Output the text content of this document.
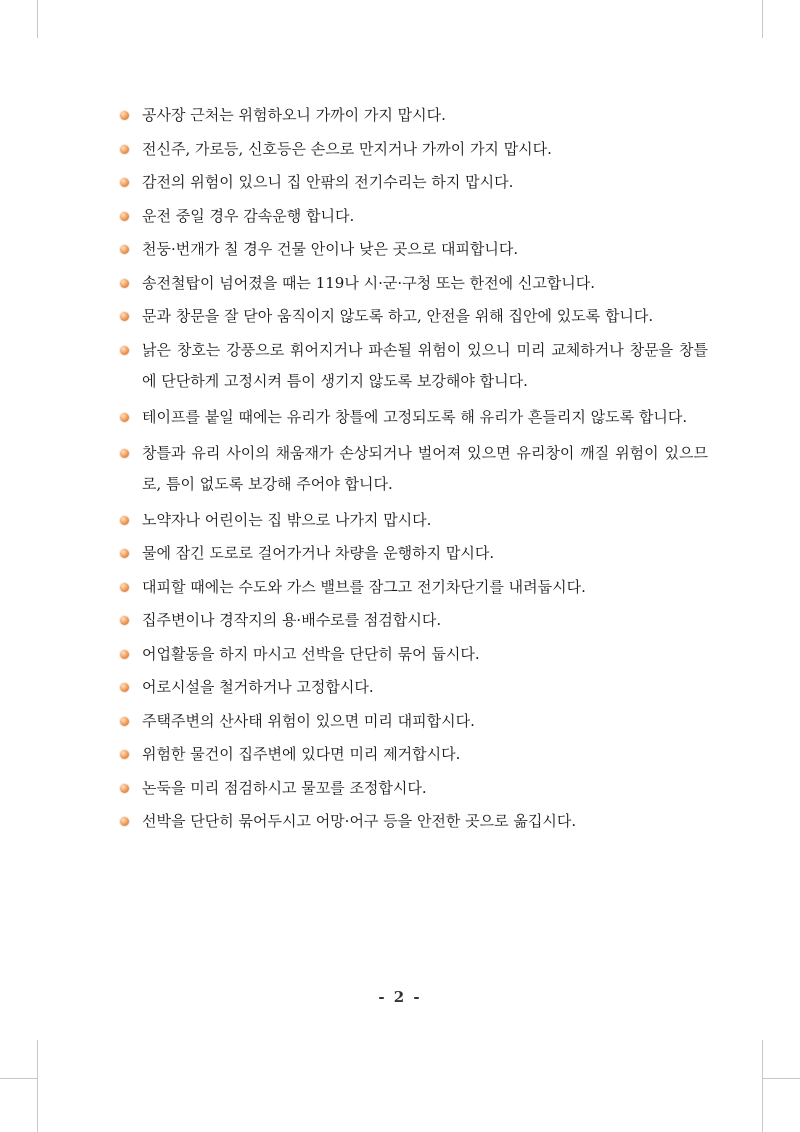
공사장 근처는 위험하오니 가까이 가지 맙시다.
전신주, 가로등, 신호등은 손으로 만지거나 가까이 가지 맙시다.
감전의 위험이 있으니 집 안팎의 전기수리는 하지 맙시다.
운전 중일 경우 감속운행 합니다.
천둥·번개가 칠 경우 건물 안이나 낮은 곳으로 대피합니다.
송전철탑이 넘어졌을 때는 119나 시·군·구청 또는 한전에 신고합니다.
문과 창문을 잘 닫아 움직이지 않도록 하고, 안전을 위해 집안에 있도록 합니다.
낡은 창호는 강풍으로 휘어지거나 파손될 위험이 있으니 미리 교체하거나 창문을 창틀에 단단하게 고정시켜 틈이 생기지 않도록 보강해야 합니다.
테이프를 붙일 때에는 유리가 창틀에 고정되도록 해 유리가 흔들리지 않도록 합니다.
창틀과 유리 사이의 채움재가 손상되거나 벌어져 있으면 유리창이 깨질 위험이 있으므로, 틈이 없도록 보강해 주어야 합니다.
노약자나 어린이는 집 밖으로 나가지 맙시다.
물에 잠긴 도로로 걸어가거나 차량을 운행하지 맙시다.
대피할 때에는 수도와 가스 밸브를 잠그고 전기차단기를 내려둡시다.
집주변이나 경작지의 용·배수로를 점검합시다.
어업활동을 하지 마시고 선박을 단단히 묶어 둡시다.
어로시설을 철거하거나 고정합시다.
주택주변의 산사태 위험이 있으면 미리 대피합시다.
위험한 물건이 집주변에 있다면 미리 제거합시다.
논둑을 미리 점검하시고 물꼬를 조정합시다.
선박을 단단히 묶어두시고 어망·어구 등을 안전한 곳으로 옮깁시다.
- 2 -
